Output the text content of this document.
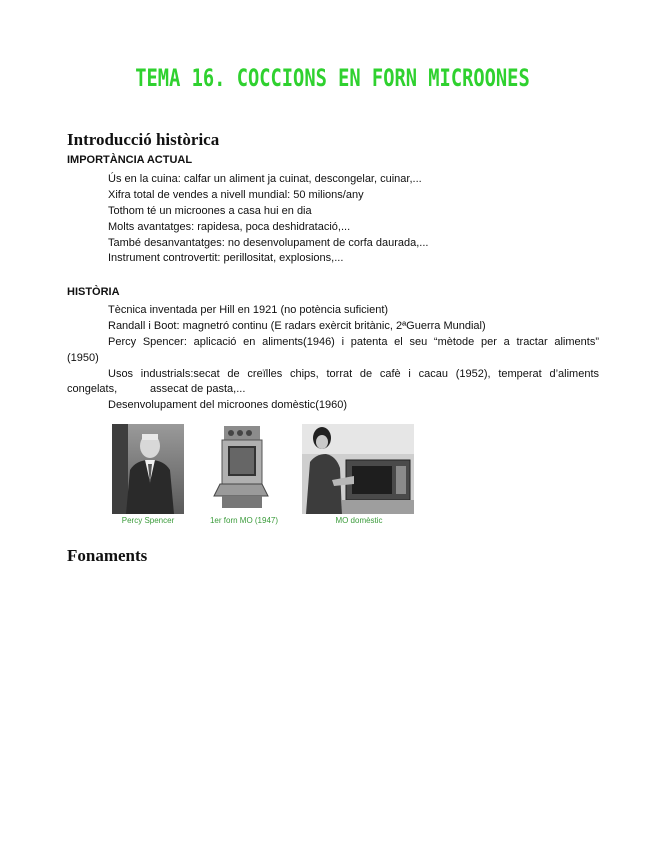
TEMA 16. COCCIONS EN FORN MICROONES
Introducció històrica
IMPORTÀNCIA ACTUAL
Ús en la cuina: calfar un aliment ja cuinat, descongelar, cuinar,...
Xifra total de vendes a nivell mundial: 50 milions/any
Tothom té un microones a casa hui en dia
Molts avantatges: rapidesa, poca deshidratació,...
També desanvantatges: no desenvolupament de corfa daurada,...
Instrument controvertit: perillositat, explosions,...
HISTÒRIA
Tècnica inventada per Hill en 1921 (no potència suficient)
Randall i Boot: magnetró continu (E radars exèrcit britànic, 2ªGuerra Mundial)
Percy Spencer: aplicació en aliments(1946) i patenta el seu “mètode per a tractar aliments”
(1950)
Usos industrials:secat de creïlles chips, torrat de cafè i cacau (1952), temperat d’aliments
congelats,	assecat de pasta,...
Desenvolupament del microones domèstic(1960)
Percy Spencer	1er forn MO (1947)	MO domèstic
Fonaments
